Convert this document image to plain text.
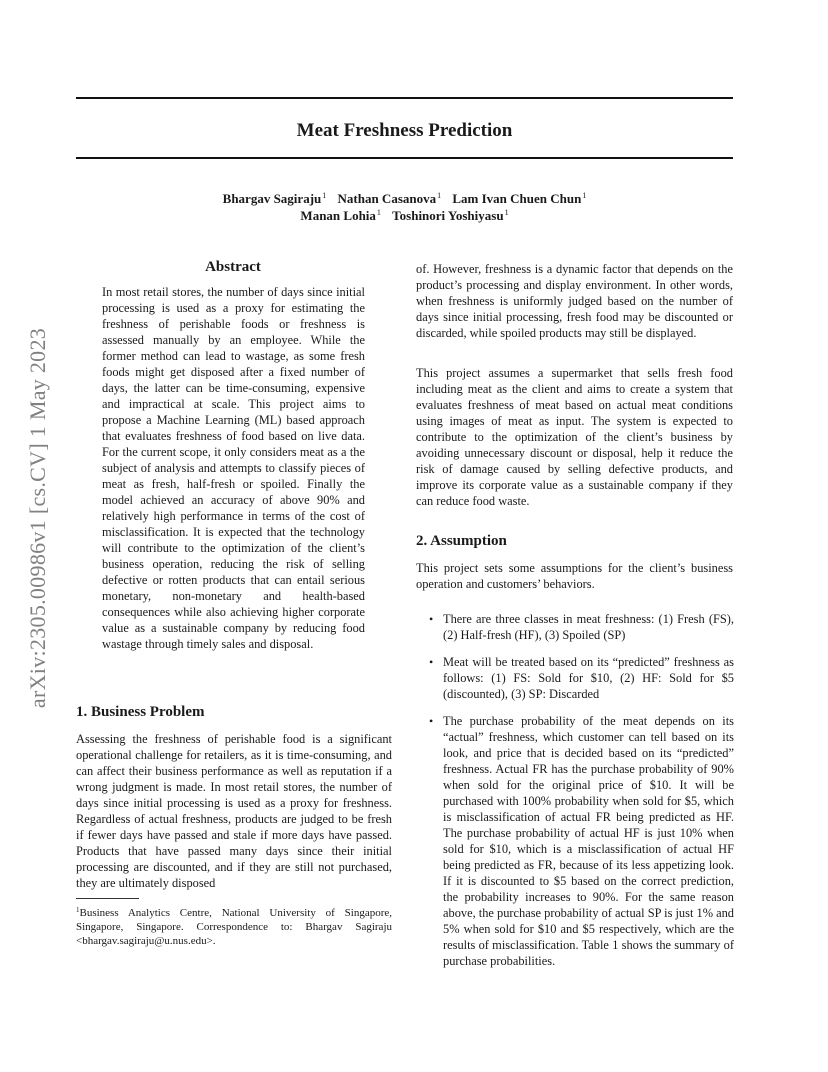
Meat Freshness Prediction
Bhargav Sagiraju$^1$ Nathan Casanova$^1$ Lam Ivan Chuen Chun$^1$
Manan Lohia$^1$ Toshinori Yoshiyasu$^1$
arXiv:2305.00986v1 [cs.CV] 1 May 2023
Abstract
In most retail stores, the number of days since initial processing is used as a proxy for estimating the freshness of perishable foods or freshness is assessed manually by an employee. While the former method can lead to wastage, as some fresh foods might get disposed after a fixed number of days, the latter can be time-consuming, expensive and impractical at scale. This project aims to propose a Machine Learning (ML) based approach that evaluates freshness of food based on live data. For the current scope, it only considers meat as a the subject of analysis and attempts to classify pieces of meat as fresh, half-fresh or spoiled. Finally the model achieved an accuracy of above 90% and relatively high performance in terms of the cost of misclassification. It is expected that the technology will contribute to the optimization of the client’s business operation, reducing the risk of selling defective or rotten products that can entail serious monetary, non-monetary and health-based consequences while also achieving higher corporate value as a sustainable company by reducing food wastage through timely sales and disposal.
1. Business Problem
Assessing the freshness of perishable food is a significant operational challenge for retailers, as it is time-consuming, and can affect their business performance as well as reputation if a wrong judgment is made. In most retail stores, the number of days since initial processing is used as a proxy for freshness. Regardless of actual freshness, products are judged to be fresh if fewer days have passed and stale if more days have passed. Products that have passed many days since their initial processing are discounted, and if they are still not purchased, they are ultimately disposed
$^1$Business Analytics Centre, National University of Singapore, Singapore, Singapore. Correspondence to: Bhargav Sagiraju <bhargav.sagiraju@u.nus.edu>.
of. However, freshness is a dynamic factor that depends on the product’s processing and display environment. In other words, when freshness is uniformly judged based on the number of days since initial processing, fresh food may be discounted or discarded, while spoiled products may still be displayed.
This project assumes a supermarket that sells fresh food including meat as the client and aims to create a system that evaluates freshness of meat based on actual meat conditions using images of meat as input. The system is expected to contribute to the optimization of the client’s business by avoiding unnecessary discount or disposal, help it reduce the risk of damage caused by selling defective products, and improve its corporate value as a sustainable company if they can reduce food waste.
2. Assumption
This project sets some assumptions for the client’s business operation and customers’ behaviors.
• There are three classes in meat freshness: (1) Fresh (FS), (2) Half-fresh (HF), (3) Spoiled (SP)
• Meat will be treated based on its “predicted” freshness as follows: (1) FS: Sold for $10, (2) HF: Sold for $5 (discounted), (3) SP: Discarded
• The purchase probability of the meat depends on its “actual” freshness, which customer can tell based on its look, and price that is decided based on its “predicted” freshness. Actual FR has the purchase probability of 90% when sold for the original price of $10. It will be purchased with 100% probability when sold for $5, which is misclassification of actual FR being predicted as HF. The purchase probability of actual HF is just 10% when sold for $10, which is a misclassification of actual HF being predicted as FR, because of its less appetizing look. If it is discounted to $5 based on the correct prediction, the probability increases to 90%. For the same reason above, the purchase probability of actual SP is just 1% and 5% when sold for $10 and $5 respectively, which are the results of misclassification. Table 1 shows the summary of purchase probabilities.
